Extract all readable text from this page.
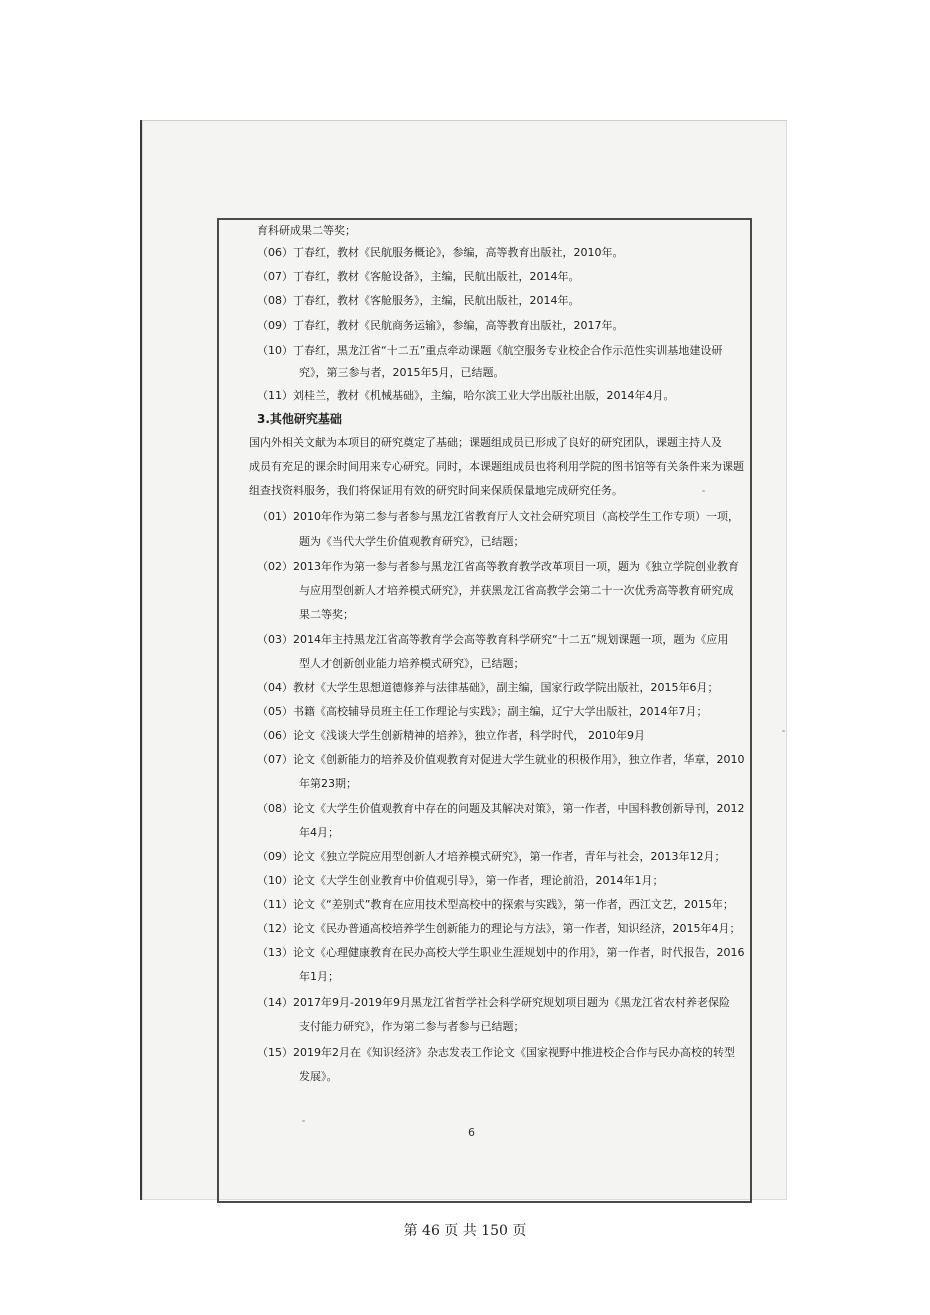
育科研成果二等奖；
（06）丁春红，教材《民航服务概论》，参编，高等教育出版社，2010年。
（07）丁春红，教材《客舱设备》，主编，民航出版社，2014年。
（08）丁春红，教材《客舱服务》，主编，民航出版社，2014年。
（09）丁春红，教材《民航商务运输》，参编，高等教育出版社，2017年。
（10）丁春红，黑龙江省“十二五”重点牵动课题《航空服务专业校企合作示范性实训基地建设研
究》，第三参与者，2015年5月，已结题。
（11）刘桂兰，教材《机械基础》，主编，哈尔滨工业大学出版社出版，2014年4月。
3.其他研究基础
国内外相关文献为本项目的研究奠定了基础；课题组成员已形成了良好的研究团队，课题主持人及
成员有充足的课余时间用来专心研究。同时，本课题组成员也将利用学院的图书馆等有关条件来为课题
组查找资料服务，我们将保证用有效的研究时间来保质保量地完成研究任务。
（01）2010年作为第二参与者参与黑龙江省教育厅人文社会研究项目（高校学生工作专项）一项，
题为《当代大学生价值观教育研究》，已结题；
（02）2013年作为第一参与者参与黑龙江省高等教育教学改革项目一项，题为《独立学院创业教育
与应用型创新人才培养模式研究》，并获黑龙江省高教学会第二十一次优秀高等教育研究成
果二等奖；
（03）2014年主持黑龙江省高等教育学会高等教育科学研究“十二五”规划课题一项，题为《应用
型人才创新创业能力培养模式研究》，已结题；
（04）教材《大学生思想道德修养与法律基础》，副主编，国家行政学院出版社，2015年6月；
（05）书籍《高校辅导员班主任工作理论与实践》；副主编，辽宁大学出版社，2014年7月；
（06）论文《浅谈大学生创新精神的培养》，独立作者，科学时代， 2010年9月
（07）论文《创新能力的培养及价值观教育对促进大学生就业的积极作用》，独立作者，华章，2010
年第23期；
（08）论文《大学生价值观教育中存在的问题及其解决对策》，第一作者，中国科教创新导刊，2012
年4月；
（09）论文《独立学院应用型创新人才培养模式研究》，第一作者，青年与社会，2013年12月；
（10）论文《大学生创业教育中价值观引导》，第一作者，理论前沿，2014年1月；
（11）论文《“差别式”教育在应用技术型高校中的探索与实践》，第一作者，西江文艺，2015年；
（12）论文《民办普通高校培养学生创新能力的理论与方法》，第一作者，知识经济，2015年4月；
（13）论文《心理健康教育在民办高校大学生职业生涯规划中的作用》，第一作者，时代报告，2016
年1月；
（14）2017年9月-2019年9月黑龙江省哲学社会科学研究规划项目题为《黑龙江省农村养老保险
支付能力研究》，作为第二参与者参与已结题；
（15）2019年2月在《知识经济》杂志发表工作论文《国家视野中推进校企合作与民办高校的转型
发展》。
6
第 46 页 共 150 页
